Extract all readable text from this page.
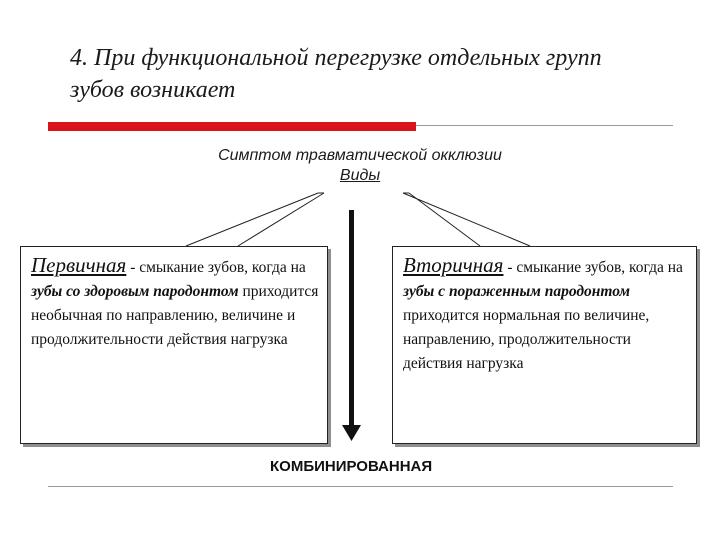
4. При функциональной перегрузке отдельных групп
зубов возникает
Симптом травматической окклюзии
Виды
Первичная - смыкание зубов, когда на зубы со здоровым пародонтом приходится необычная по направлению, величине и продолжительности действия нагрузка
Вторичная - смыкание зубов, когда на зубы с пораженным пародонтом приходится нормальная по величине, направлению, продолжительности действия нагрузка
КОМБИНИРОВАННАЯ
